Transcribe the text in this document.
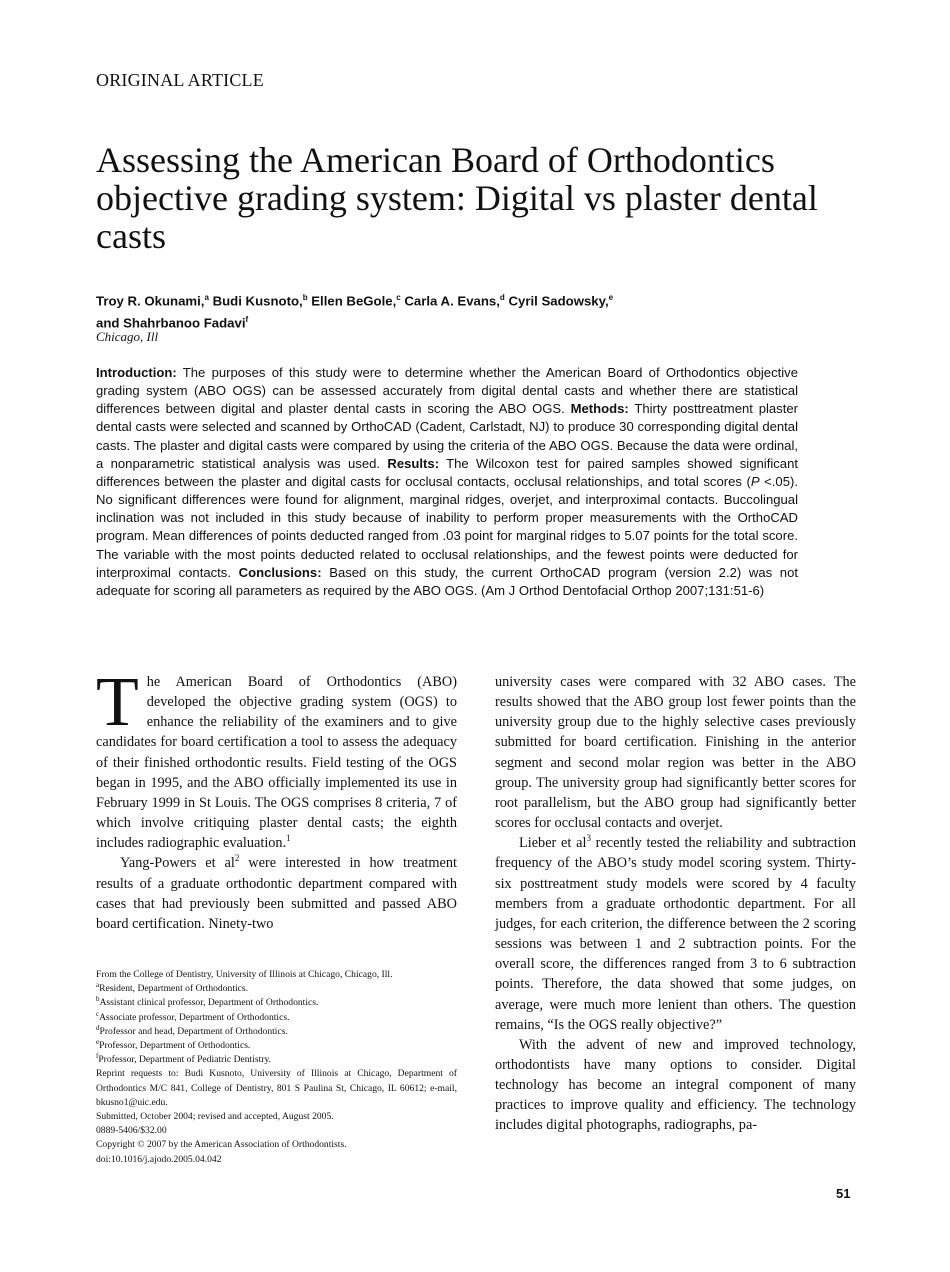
ORIGINAL ARTICLE
Assessing the American Board of Orthodontics objective grading system: Digital vs plaster dental casts
Troy R. Okunami,$^a$ Budi Kusnoto,$^b$ Ellen BeGole,$^c$ Carla A. Evans,$^d$ Cyril Sadowsky,$^e$
and Shahrbanoo Fadavi$^f$
Chicago, Ill

Introduction: The purposes of this study were to determine whether the American Board of Orthodontics objective grading system (ABO OGS) can be assessed accurately from digital dental casts and whether there are statistical differences between digital and plaster dental casts in scoring the ABO OGS. Methods: Thirty posttreatment plaster dental casts were selected and scanned by OrthoCAD (Cadent, Carlstadt, NJ) to produce 30 corresponding digital dental casts. The plaster and digital casts were compared by using the criteria of the ABO OGS. Because the data were ordinal, a nonparametric statistical analysis was used. Results: The Wilcoxon test for paired samples showed significant differences between the plaster and digital casts for occlusal contacts, occlusal relationships, and total scores (P <.05). No significant differences were found for alignment, marginal ridges, overjet, and interproximal contacts. Buccolingual inclination was not included in this study because of inability to perform proper measurements with the OrthoCAD program. Mean differences of points deducted ranged from .03 point for marginal ridges to 5.07 points for the total score. The variable with the most points deducted related to occlusal relationships, and the fewest points were deducted for interproximal contacts. Conclusions: Based on this study, the current OrthoCAD program (version 2.2) was not adequate for scoring all parameters as required by the ABO OGS. (Am J Orthod Dentofacial Orthop 2007;131:51-6)

The American Board of Orthodontics (ABO) developed the objective grading system (OGS) to enhance the reliability of the examiners and to give candidates for board certification a tool to assess the adequacy of their finished orthodontic results. Field testing of the OGS began in 1995, and the ABO officially implemented its use in February 1999 in St Louis. The OGS comprises 8 criteria, 7 of which involve critiquing plaster dental casts; the eighth includes radiographic evaluation.$^1$

Yang-Powers et $al^2$ were interested in how treatment results of a graduate orthodontic department compared with cases that had previously been submitted and passed ABO board certification. Ninety-two

university cases were compared with 32 ABO cases. The results showed that the ABO group lost fewer points than the university group due to the highly selective cases previously submitted for board certification. Finishing in the anterior segment and second molar region was better in the ABO group. The university group had significantly better scores for root parallelism, but the ABO group had significantly better scores for occlusal contacts and overjet.

Lieber et $al^3$ recently tested the reliability and subtraction frequency of the ABO’s study model scoring system. Thirty-six posttreatment study models were scored by 4 faculty members from a graduate orthodontic department. For all judges, for each criterion, the difference between the 2 scoring sessions was between 1 and 2 subtraction points. For the overall score, the differences ranged from 3 to 6 subtraction points. Therefore, the data showed that some judges, on average, were much more lenient than others. The question remains, “Is the OGS really objective?”

With the advent of new and improved technology, orthodontists have many options to consider. Digital technology has become an integral component of many practices to improve quality and efficiency. The technology includes digital photographs, radiographs, pa-

From the College of Dentistry, University of Illinois at Chicago, Chicago, Ill.
$^a$Resident, Department of Orthodontics.
$^b$Assistant clinical professor, Department of Orthodontics.
$^c$Associate professor, Department of Orthodontics.
$^d$Professor and head, Department of Orthodontics.
$^e$Professor, Department of Orthodontics.
$^f$Professor, Department of Pediatric Dentistry.
Reprint requests to: Budi Kusnoto, University of Illinois at Chicago, Department of Orthodontics M/C 841, College of Dentistry, 801 S Paulina St, Chicago, IL 60612; e-mail, bkusno1@uic.edu.
Submitted, October 2004; revised and accepted, August 2005.
0889-5406/$32.00
Copyright © 2007 by the American Association of Orthodontists.
doi:10.1016/j.ajodo.2005.04.042
51
